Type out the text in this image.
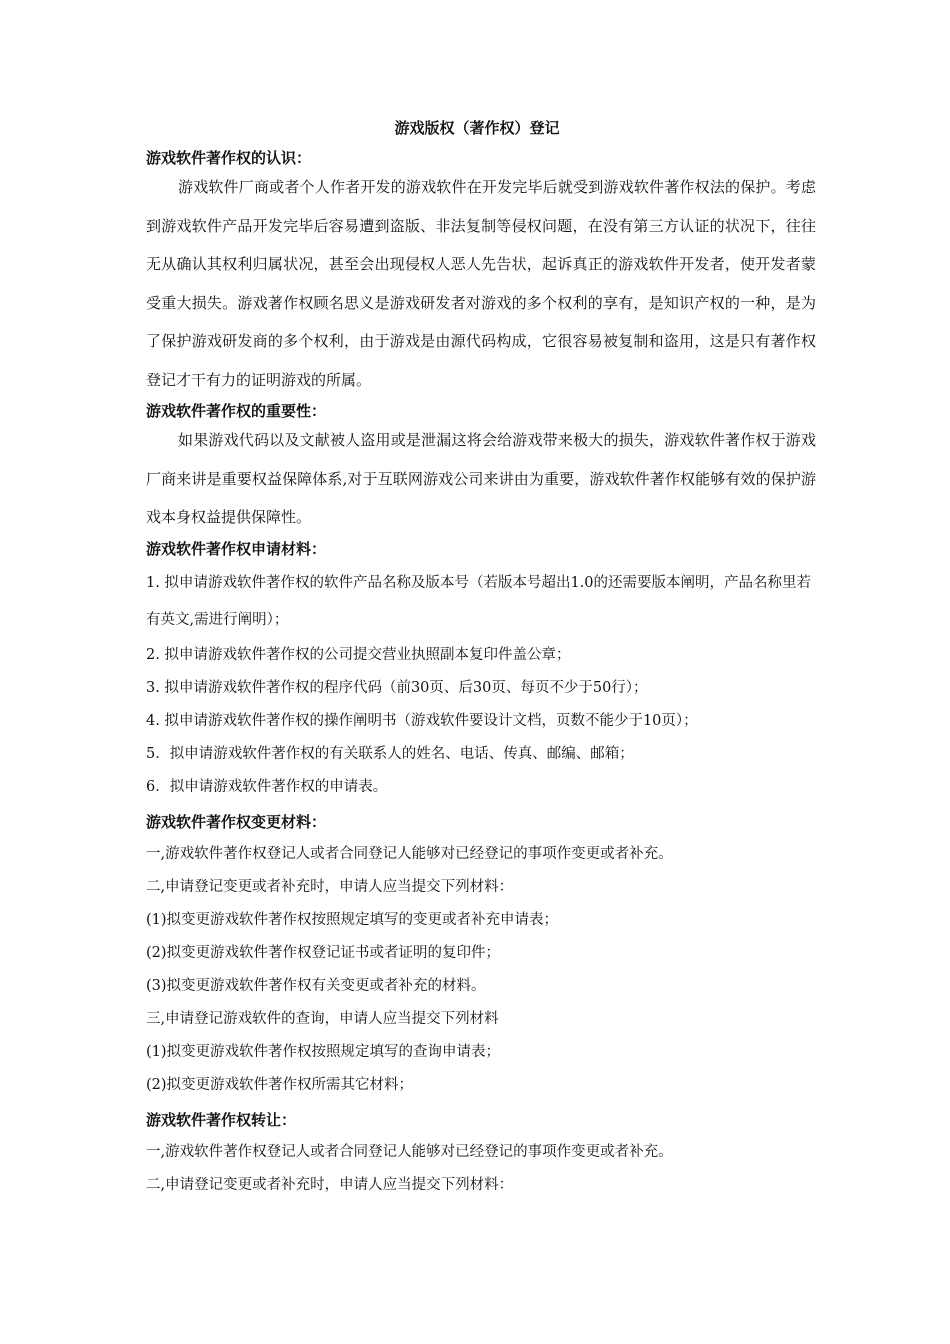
游戏版权（著作权）登记
游戏软件著作权的认识：
游戏软件厂商或者个人作者开发的游戏软件在开发完毕后就受到游戏软件著作权法的保护。考虑到游戏软件产品开发完毕后容易遭到盗版、非法复制等侵权问题，在没有第三方认证的状况下，往往无从确认其权利归属状况，甚至会出现侵权人恶人先告状，起诉真正的游戏软件开发者，使开发者蒙受重大损失。游戏著作权顾名思义是游戏研发者对游戏的多个权利的享有，是知识产权的一种，是为了保护游戏研发商的多个权利，由于游戏是由源代码构成，它很容易被复制和盗用，这是只有著作权登记才干有力的证明游戏的所属。
游戏软件著作权的重要性：
如果游戏代码以及文献被人盗用或是泄漏这将会给游戏带来极大的损失，游戏软件著作权于游戏厂商来讲是重要权益保障体系,对于互联网游戏公司来讲由为重要，游戏软件著作权能够有效的保护游戏本身权益提供保障性。
游戏软件著作权申请材料：
1. 拟申请游戏软件著作权的软件产品名称及版本号（若版本号超出1.0的还需要版本阐明，产品名称里若有英文,需进行阐明）；
2. 拟申请游戏软件著作权的公司提交营业执照副本复印件盖公章；
3. 拟申请游戏软件著作权的程序代码（前30页、后30页、每页不少于50行）；
4. 拟申请游戏软件著作权的操作阐明书（游戏软件要设计文档，页数不能少于10页）；
5．拟申请游戏软件著作权的有关联系人的姓名、电话、传真、邮编、邮箱；
6．拟申请游戏软件著作权的申请表。
游戏软件著作权变更材料：
一,游戏软件著作权登记人或者合同登记人能够对已经登记的事项作变更或者补充。
二,申请登记变更或者补充时，申请人应当提交下列材料：
(1)拟变更游戏软件著作权按照规定填写的变更或者补充申请表；
(2)拟变更游戏软件著作权登记证书或者证明的复印件；
(3)拟变更游戏软件著作权有关变更或者补充的材料。
三,申请登记游戏软件的查询，申请人应当提交下列材料
(1)拟变更游戏软件著作权按照规定填写的查询申请表；
(2)拟变更游戏软件著作权所需其它材料；
游戏软件著作权转让：
一,游戏软件著作权登记人或者合同登记人能够对已经登记的事项作变更或者补充。
二,申请登记变更或者补充时，申请人应当提交下列材料：
